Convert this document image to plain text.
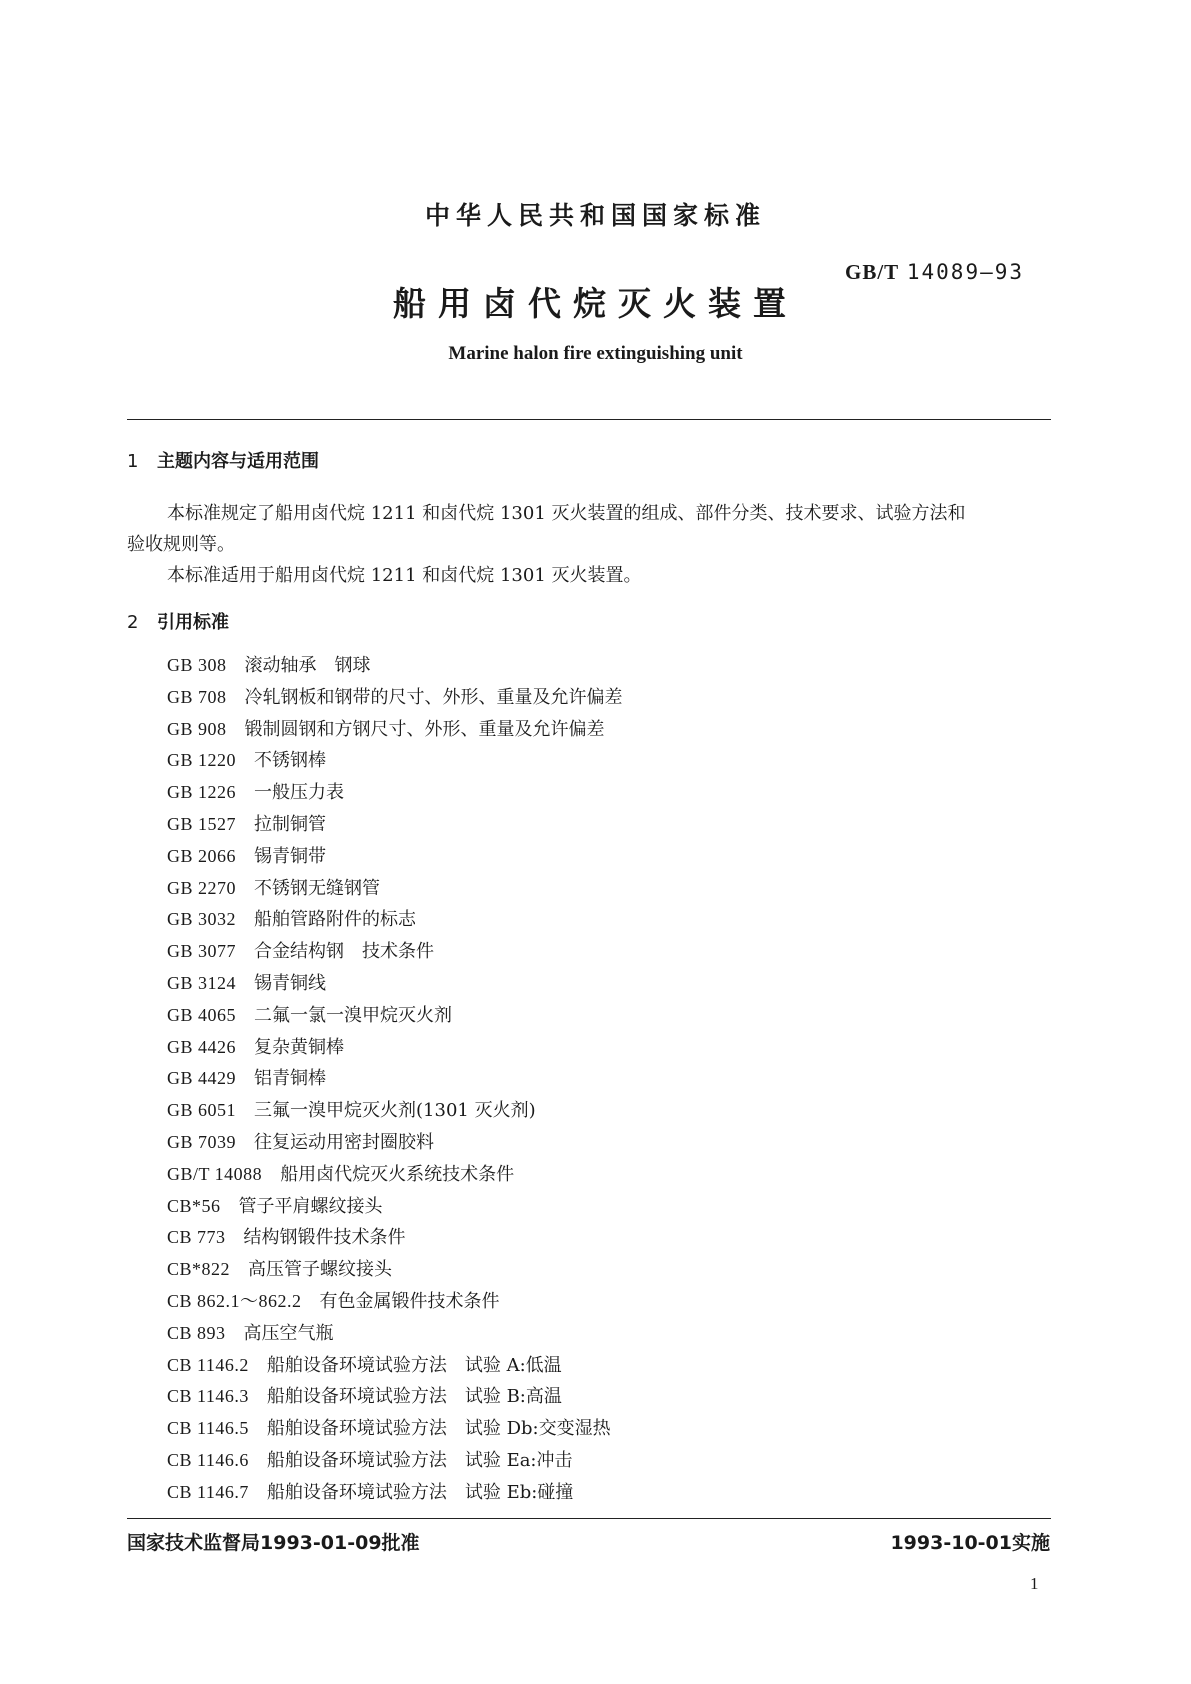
中华人民共和国国家标准
GB/T 14089—93
船用卤代烷灭火装置
Marine halon fire extinguishing unit
1 主题内容与适用范围
本标准规定了船用卤代烷 1211 和卤代烷 1301 灭火装置的组成、部件分类、技术要求、试验方法和
验收规则等。
本标准适用于船用卤代烷 1211 和卤代烷 1301 灭火装置。
2 引用标准
GB 308 滚动轴承　钢球
GB 708 冷轧钢板和钢带的尺寸、外形、重量及允许偏差
GB 908 锻制圆钢和方钢尺寸、外形、重量及允许偏差
GB 1220 不锈钢棒
GB 1226 一般压力表
GB 1527 拉制铜管
GB 2066 锡青铜带
GB 2270 不锈钢无缝钢管
GB 3032 船舶管路附件的标志
GB 3077 合金结构钢　技术条件
GB 3124 锡青铜线
GB 4065 二氟一氯一溴甲烷灭火剂
GB 4426 复杂黄铜棒
GB 4429 铝青铜棒
GB 6051 三氟一溴甲烷灭火剂(1301 灭火剂)
GB 7039 往复运动用密封圈胶料
GB/T 14088 船用卤代烷灭火系统技术条件
CB*56 管子平肩螺纹接头
CB 773 结构钢锻件技术条件
CB*822 高压管子螺纹接头
CB 862.1～862.2 有色金属锻件技术条件
CB 893 高压空气瓶
CB 1146.2 船舶设备环境试验方法　试验 A:低温
CB 1146.3 船舶设备环境试验方法　试验 B:高温
CB 1146.5 船舶设备环境试验方法　试验 Db:交变湿热
CB 1146.6 船舶设备环境试验方法　试验 Ea:冲击
CB 1146.7 船舶设备环境试验方法　试验 Eb:碰撞
国家技术监督局1993-01-09批准	1993-10-01实施
1
